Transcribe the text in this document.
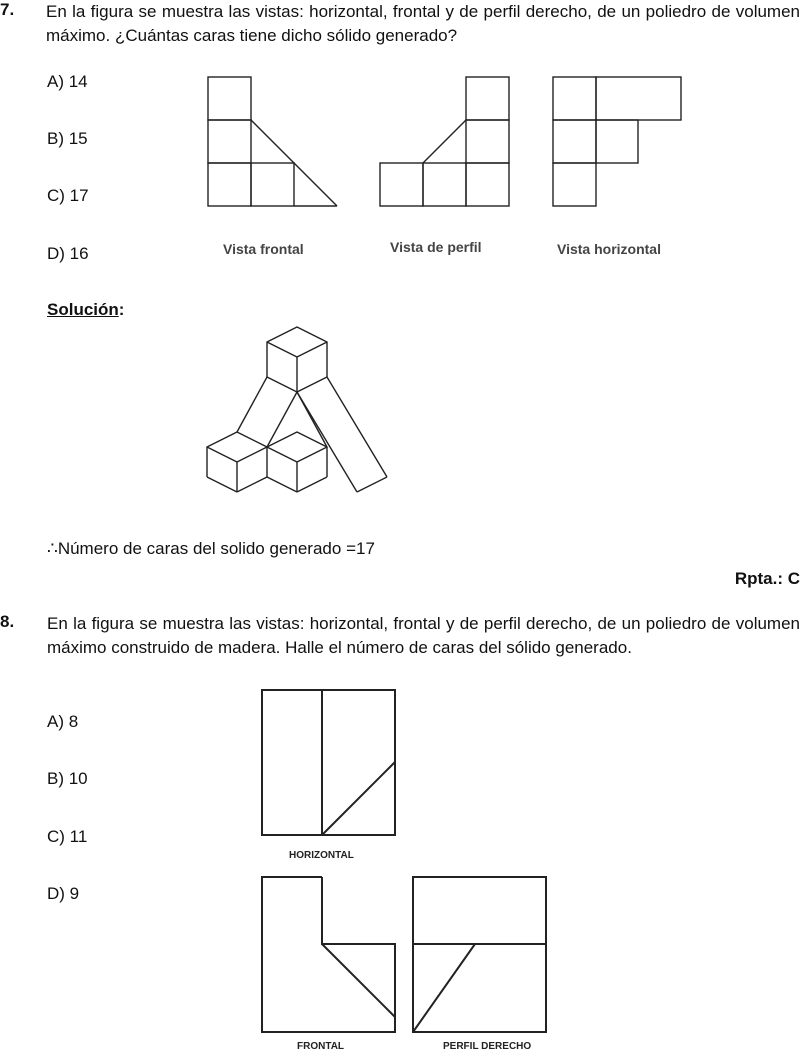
7. En la figura se muestra las vistas: horizontal, frontal y de perfil derecho, de un poliedro de volumen máximo. ¿Cuántas caras tiene dicho sólido generado?
A) 14
B) 15
C) 17
D) 16	Vista frontal	Vista de perfil	Vista horizontal
Solución:
∴Número de caras del solido generado =17
Rpta.: C
8. En la figura se muestra las vistas: horizontal, frontal y de perfil derecho, de un poliedro de volumen máximo construido de madera. Halle el número de caras del sólido generado.
A) 8
B) 10
C) 11
D) 9
HORIZONTAL
FRONTAL	PERFIL DERECHO
